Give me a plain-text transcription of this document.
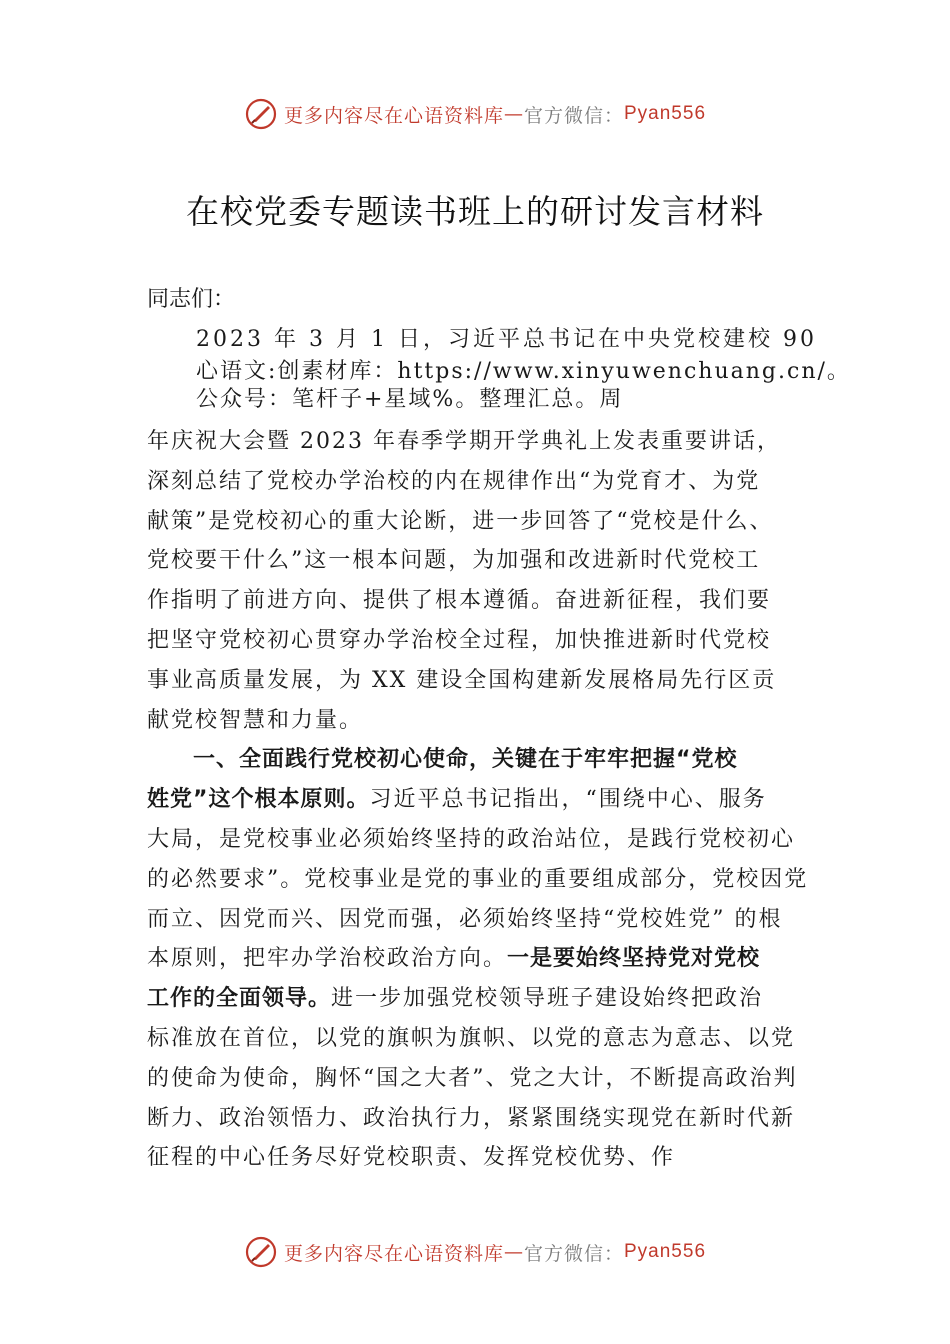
更多内容尽在心语资料库 — 官方微信： Pyan556
在校党委专题读书班上的研讨发言材料
同志们：
2023 年 3 月 1 日，习近平总书记在中央党校建校 90
心语文:创素材库：https://www.xinyuwenchuang.cn/。
公众号：笔杆子+星域%。整理汇总。周
年庆祝大会暨 2023 年春季学期开学典礼上发表重要讲话，
深刻总结了党校办学治校的内在规律作出“为党育才、为党
献策”是党校初心的重大论断，进一步回答了“党校是什么、
党校要干什么”这一根本问题，为加强和改进新时代党校工
作指明了前进方向、提供了根本遵循。奋进新征程，我们要
把坚守党校初心贯穿办学治校全过程，加快推进新时代党校
事业高质量发展，为 XX 建设全国构建新发展格局先行区贡
献党校智慧和力量。
　　一、全面践行党校初心使命，关键在于牢牢把握“党校
姓党”这个根本原则。习近平总书记指出，“围绕中心、服务
大局，是党校事业必须始终坚持的政治站位，是践行党校初心
的必然要求”。党校事业是党的事业的重要组成部分，党校因党
而立、因党而兴、因党而强，必须始终坚持“党校姓党” 的根
本原则，把牢办学治校政治方向。一是要始终坚持党对党校
工作的全面领导。进一步加强党校领导班子建设始终把政治
标准放在首位，以党的旗帜为旗帜、以党的意志为意志、以党
的使命为使命，胸怀“国之大者”、党之大计，不断提高政治判
断力、政治领悟力、政治执行力，紧紧围绕实现党在新时代新
征程的中心任务尽好党校职责、发挥党校优势、作
更多内容尽在心语资料库 — 官方微信： Pyan556
